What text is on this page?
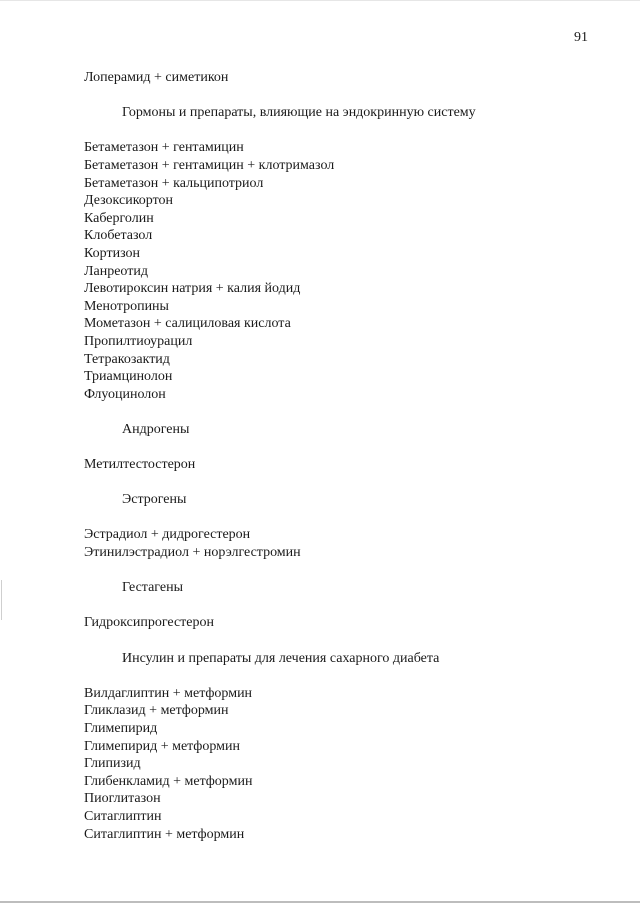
91
Лоперамид + симетикон
Гормоны и препараты, влияющие на эндокринную систему
Бетаметазон + гентамицин
Бетаметазон + гентамицин + клотримазол
Бетаметазон + кальципотриол
Дезоксикортон
Каберголин
Клобетазол
Кортизон
Ланреотид
Левотироксин натрия + калия йодид
Менотропины
Мометазон + салициловая кислота
Пропилтиоурацил
Тетракозактид
Триамцинолон
Флуоцинолон
Андрогены
Метилтестостерон
Эстрогены
Эстрадиол + дидрогестерон
Этинилэстрадиол + норэлгестромин
Гестагены
Гидроксипрогестерон
Инсулин и препараты для лечения сахарного диабета
Вилдаглиптин + метформин
Гликлазид + метформин
Глимепирид
Глимепирид + метформин
Глипизид
Глибенкламид + метформин
Пиоглитазон
Ситаглиптин
Ситаглиптин + метформин
